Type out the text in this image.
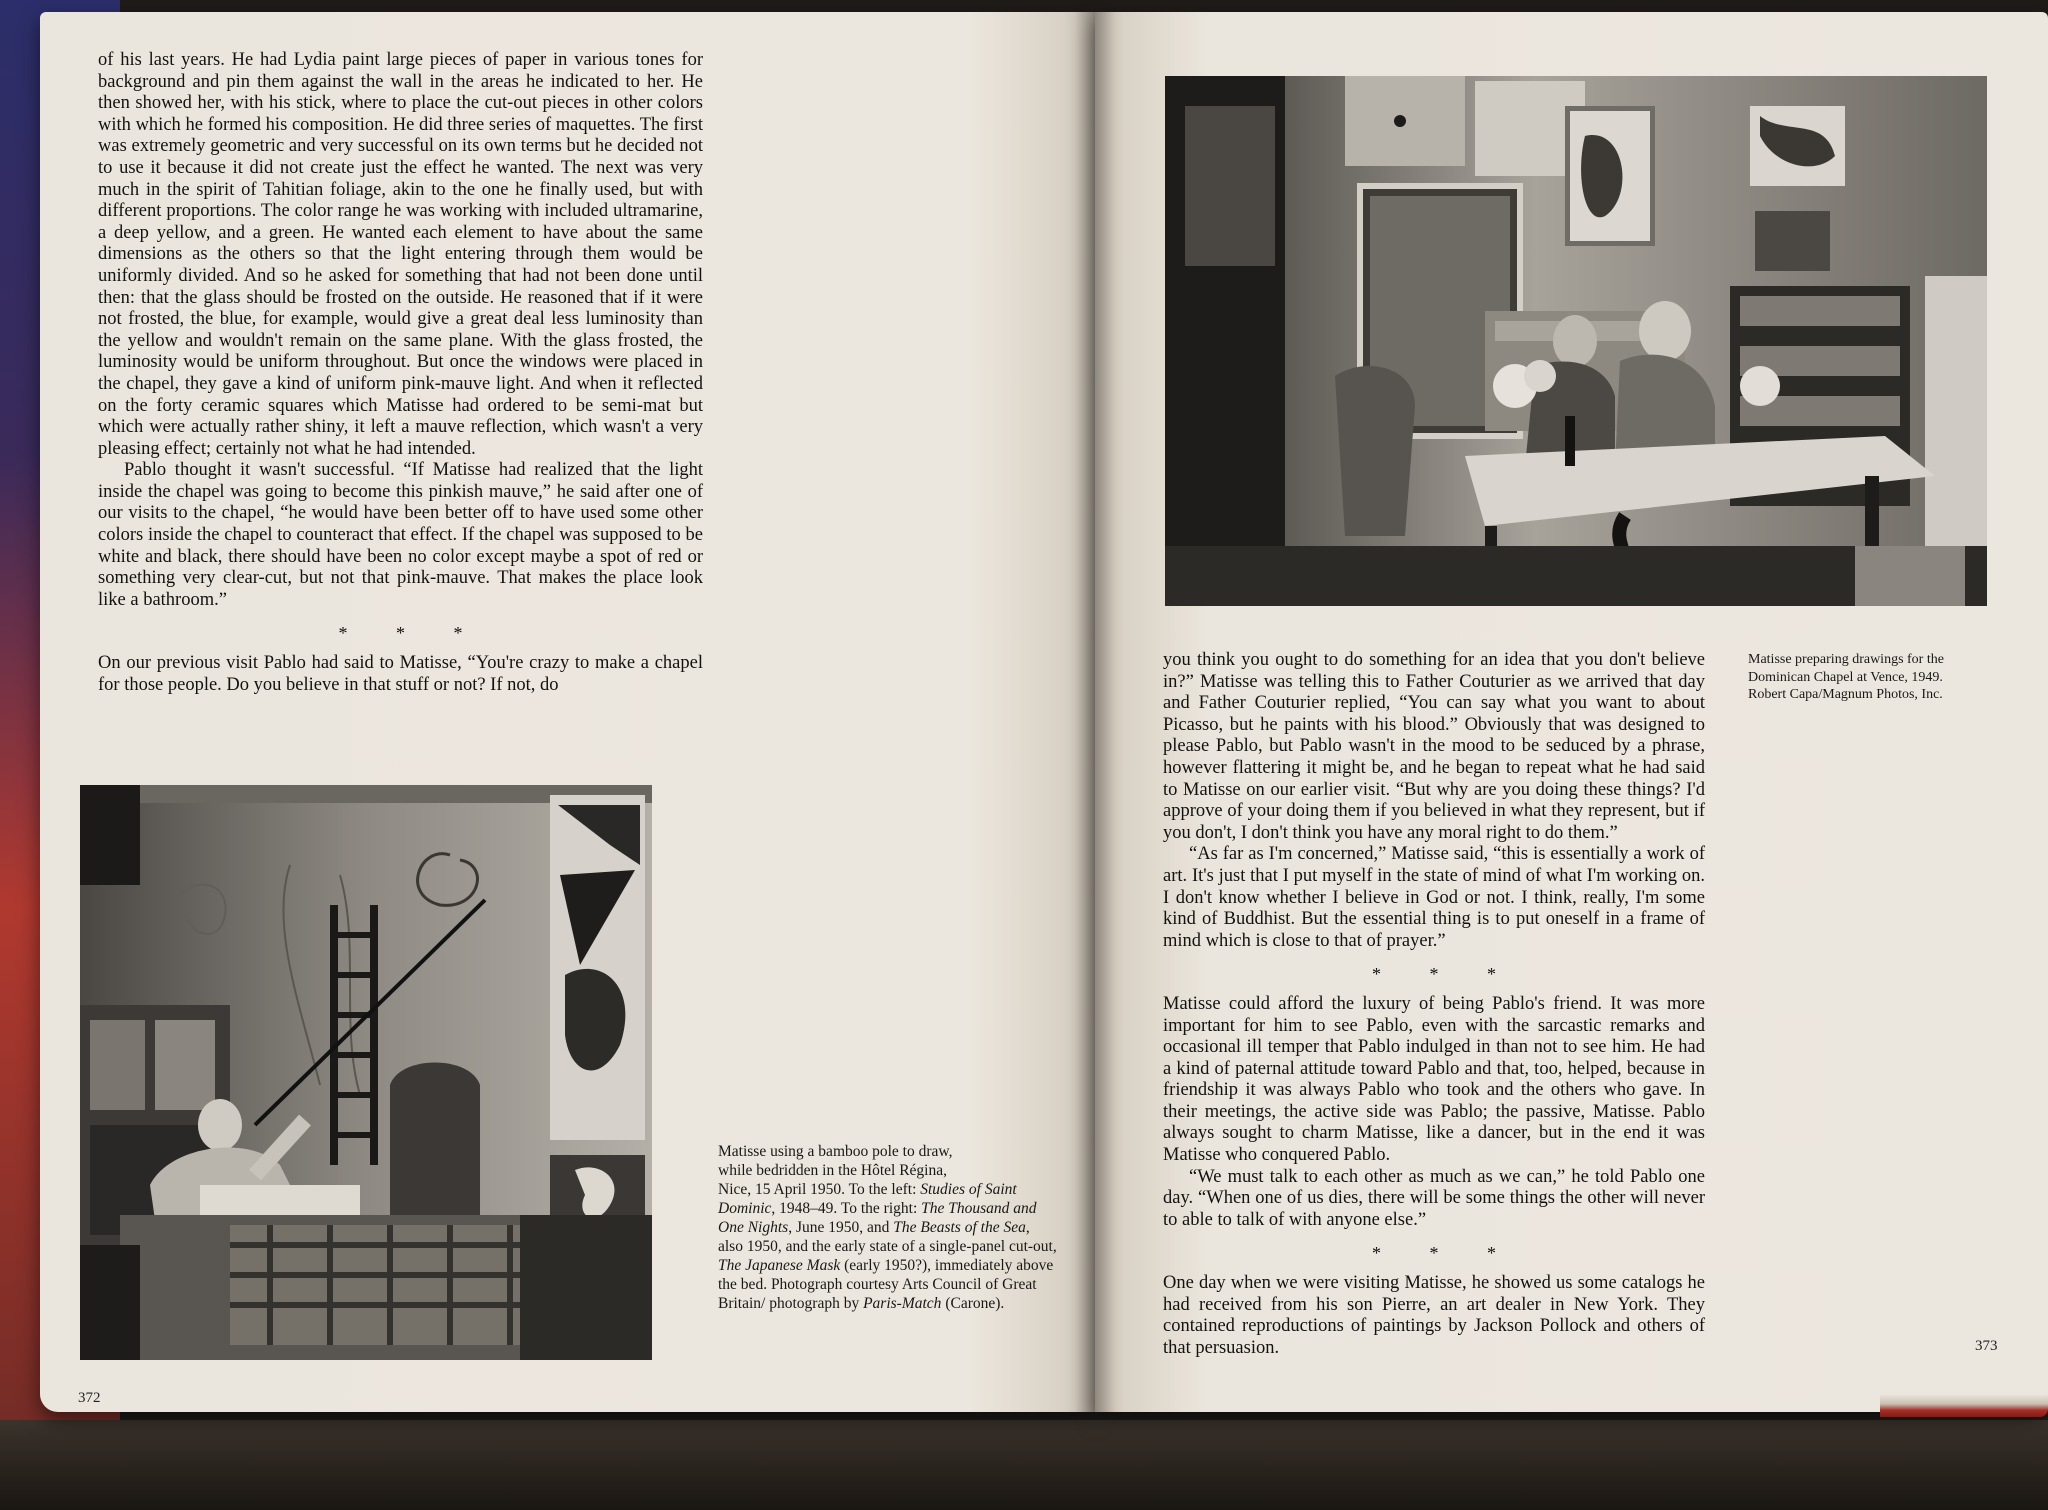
of his last years. He had Lydia paint large pieces of paper in various tones for background and pin them against the wall in the areas he indicated to her. He then showed her, with his stick, where to place the cut-out pieces in other colors with which he formed his composition. He did three series of maquettes. The first was extremely geometric and very successful on its own terms but he decided not to use it because it did not create just the effect he wanted. The next was very much in the spirit of Tahitian foliage, akin to the one he finally used, but with different proportions. The color range he was working with included ultramarine, a deep yellow, and a green. He wanted each element to have about the same dimensions as the others so that the light entering through them would be uniformly divided. And so he asked for something that had not been done until then: that the glass should be frosted on the outside. He reasoned that if it were not frosted, the blue, for example, would give a great deal less luminosity than the yellow and wouldn't remain on the same plane. With the glass frosted, the luminosity would be uniform throughout. But once the windows were placed in the chapel, they gave a kind of uniform pink-mauve light. And when it reflected on the forty ceramic squares which Matisse had ordered to be semi-mat but which were actually rather shiny, it left a mauve reflection, which wasn't a very pleasing effect; certainly not what he had intended.

Pablo thought it wasn't successful. “If Matisse had realized that the light inside the chapel was going to become this pinkish mauve,” he said after one of our visits to the chapel, “he would have been better off to have used some other colors inside the chapel to counteract that effect. If the chapel was supposed to be white and black, there should have been no color except maybe a spot of red or something very clear-cut, but not that pink-mauve. That makes the place look like a bathroom.”

* * *

On our previous visit Pablo had said to Matisse, “You're crazy to make a chapel for those people. Do you believe in that stuff or not? If not, do

Matisse using a bamboo pole to draw,
while bedridden in the Hôtel Régina,
Nice, 15 April 1950. To the left: Studies of Saint Dominic, 1948–49. To the right: The Thousand and One Nights, June 1950, and The Beasts of the Sea, also 1950, and the early state of a single-panel cut-out, The Japanese Mask (early 1950?), immediately above the bed. Photograph courtesy Arts Council of Great Britain/ photograph by Paris-Match (Carone).
372
Matisse preparing drawings for the
Dominican Chapel at Vence, 1949.
Robert Capa/Magnum Photos, Inc.

you think you ought to do something for an idea that you don't believe in?” Matisse was telling this to Father Couturier as we arrived that day and Father Couturier replied, “You can say what you want to about Picasso, but he paints with his blood.” Obviously that was designed to please Pablo, but Pablo wasn't in the mood to be seduced by a phrase, however flattering it might be, and he began to repeat what he had said to Matisse on our earlier visit. “But why are you doing these things? I'd approve of your doing them if you believed in what they represent, but if you don't, I don't think you have any moral right to do them.”

“As far as I'm concerned,” Matisse said, “this is essentially a work of art. It's just that I put myself in the state of mind of what I'm working on. I don't know whether I believe in God or not. I think, really, I'm some kind of Buddhist. But the essential thing is to put oneself in a frame of mind which is close to that of prayer.”

* * *

Matisse could afford the luxury of being Pablo's friend. It was more important for him to see Pablo, even with the sarcastic remarks and occasional ill temper that Pablo indulged in than not to see him. He had a kind of paternal attitude toward Pablo and that, too, helped, because in friendship it was always Pablo who took and the others who gave. In their meetings, the active side was Pablo; the passive, Matisse. Pablo always sought to charm Matisse, like a dancer, but in the end it was Matisse who conquered Pablo.

“We must talk to each other as much as we can,” he told Pablo one day. “When one of us dies, there will be some things the other will never to able to talk of with anyone else.”

* * *

One day when we were visiting Matisse, he showed us some catalogs he had received from his son Pierre, an art dealer in New York. They contained reproductions of paintings by Jackson Pollock and others of that persuasion.	373
